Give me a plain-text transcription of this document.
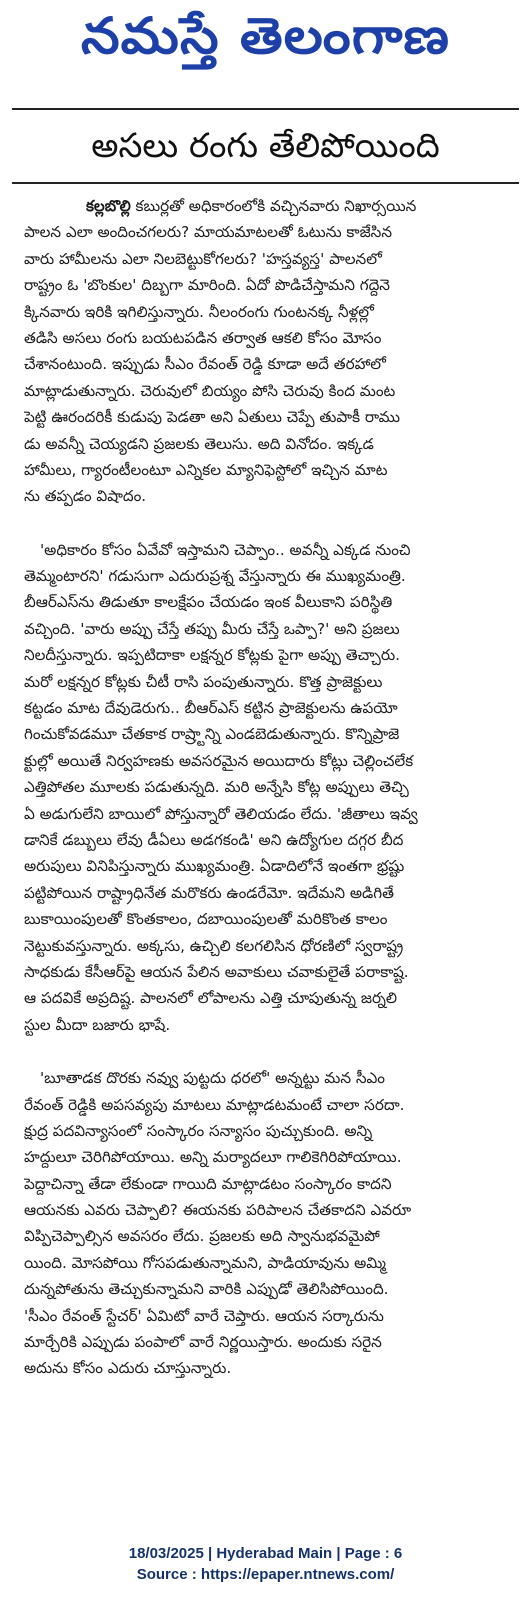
నమస్తే తెలంగాణ
అసలు రంగు తేలిపోయింది
కల్లబొల్లి కబుర్లతో అధికారంలోకి వచ్చినవారు నిఖార్సయిన
పాలన ఎలా అందించగలరు? మాయమాటలతో ఓటును కాజేసిన
వారు హామీలను ఎలా నిలబెట్టుకోగలరు? 'హస్తవ్యస్త' పాలనలో
రాష్ట్రం ఓ 'బొంకుల' దిబ్బగా మారింది. ఏదో పొడిచేస్తామని గద్దెనె
క్కినవారు ఇరికి ఇగిలిస్తున్నారు. నీలంరంగు గుంటనక్క నీళ్లల్లో
తడిసి అసలు రంగు బయటపడిన తర్వాత ఆకలి కోసం మోసం
చేశానంటుంది. ఇప్పుడు సీఎం రేవంత్ రెడ్డి కూడా అదే తరహాలో
మాట్లాడుతున్నారు. చెరువులో బియ్యం పోసి చెరువు కింద మంట
పెట్టి ఊరందరికీ కుడుపు పెడతా అని ఏతులు చెప్పే తుపాకీ రాము
డు అవన్నీ చెయ్యడని ప్రజలకు తెలుసు. అది వినోదం. ఇక్కడ
హామీలు, గ్యారంటీలంటూ ఎన్నికల మ్యానిఫెస్టోలో ఇచ్చిన మాట
ను తప్పడం విషాదం.
'అధికారం కోసం ఏవేవో ఇస్తామని చెప్పాం.. అవన్నీ ఎక్కడ నుంచి
తెమ్మంటారని' గడుసుగా ఎదురుప్రశ్న వేస్తున్నారు ఈ ముఖ్యమంత్రి.
బీఆర్ఎస్‌ను తిడుతూ కాలక్షేపం చేయడం ఇంక వీలుకాని పరిస్థితి
వచ్చింది. 'వారు అప్పు చేస్తే తప్పు మీరు చేస్తే ఒప్పా?' అని ప్రజలు
నిలదీస్తున్నారు. ఇప్పటిదాకా లక్షన్నర కోట్లకు పైగా అప్పు తెచ్చారు.
మరో లక్షన్నర కోట్లకు చీటీ రాసి పంపుతున్నారు. కొత్త ప్రాజెక్టులు
కట్టడం మాట దేవుడెరుగు.. బీఆర్ఎస్ కట్టిన ప్రాజెక్టులను ఉపయో
గించుకోవడమూ చేతకాక రాష్ర్టాన్ని ఎండబెడుతున్నారు. కొన్నిప్రాజె
క్టుల్లో అయితే నిర్వహణకు అవసరమైన అయిదారు కోట్లు చెల్లించలేక
ఎత్తిపోతల మూలకు పడుతున్నది. మరి అన్నేసి కోట్ల అప్పులు తెచ్చి
ఏ అడుగులేని బాయిలో పోస్తున్నారో తెలియడం లేదు. 'జీతాలు ఇవ్వ
డానికే డబ్బులు లేవు డీఏలు అడగకండి' అని ఉద్యోగుల దగ్గర బీద
అరుపులు వినిపిస్తున్నారు ముఖ్యమంత్రి. ఏడాదిలోనే ఇంతగా భ్రష్టు
పట్టిపోయిన రాష్ట్రాధినేత మరొకరు ఉండరేమో. ఇదేమని అడిగితే
బుకాయింపులతో కొంతకాలం, దబాయింపులతో మరికొంత కాలం
నెట్టుకువస్తున్నారు. అక్కసు, ఉచ్చిలి కలగలిసిన ధోరణిలో స్వరాష్ట్ర
సాధకుడు కేసీఆర్‌పై ఆయన పేలిన అవాకులు చవాకులైతే పరాకాష్ట.
ఆ పదవికే అప్రదిష్ట. పాలనలో లోపాలను ఎత్తి చూపుతున్న జర్నలి
స్టుల మీదా బజారు భాషే.
'బూతాడక దొరకు నవ్వు పుట్టదు ధరలో' అన్నట్టు మన సీఎం
రేవంత్ రెడ్డికి అపసవ్యపు మాటలు మాట్లాడటమంటే చాలా సరదా.
క్షుద్ర పదవిన్యాసంలో సంస్కారం సన్యాసం పుచ్చుకుంది. అన్ని
హద్దులూ చెరిగిపోయాయి. అన్ని మర్యాదలూ గాలికెగిరిపోయాయి.
పెద్దాచిన్నా తేడా లేకుండా గాయిది మాట్లాడటం సంస్కారం కాదని
ఆయనకు ఎవరు చెప్పాలి? ఈయనకు పరిపాలన చేతకాదని ఎవరూ
విప్పిచెప్పాల్సిన అవసరం లేదు. ప్రజలకు అది స్వానుభవమైపో
యింది. మోసపోయి గోసపడుతున్నామని, పాడియావును అమ్మి
దున్నపోతును తెచ్చుకున్నామని వారికి ఎప్పుడో తెలిసిపోయింది.
'సీఎం రేవంత్ స్టేచర్' ఏమిటో వారే చెప్తారు. ఆయన సర్కారును
మార్చేరికి ఎప్పుడు పంపాలో వారే నిర్ణయిస్తారు. అందుకు సరైన
అదును కోసం ఎదురు చూస్తున్నారు.
18/03/2025 | Hyderabad Main | Page : 6
Source : https://epaper.ntnews.com/
